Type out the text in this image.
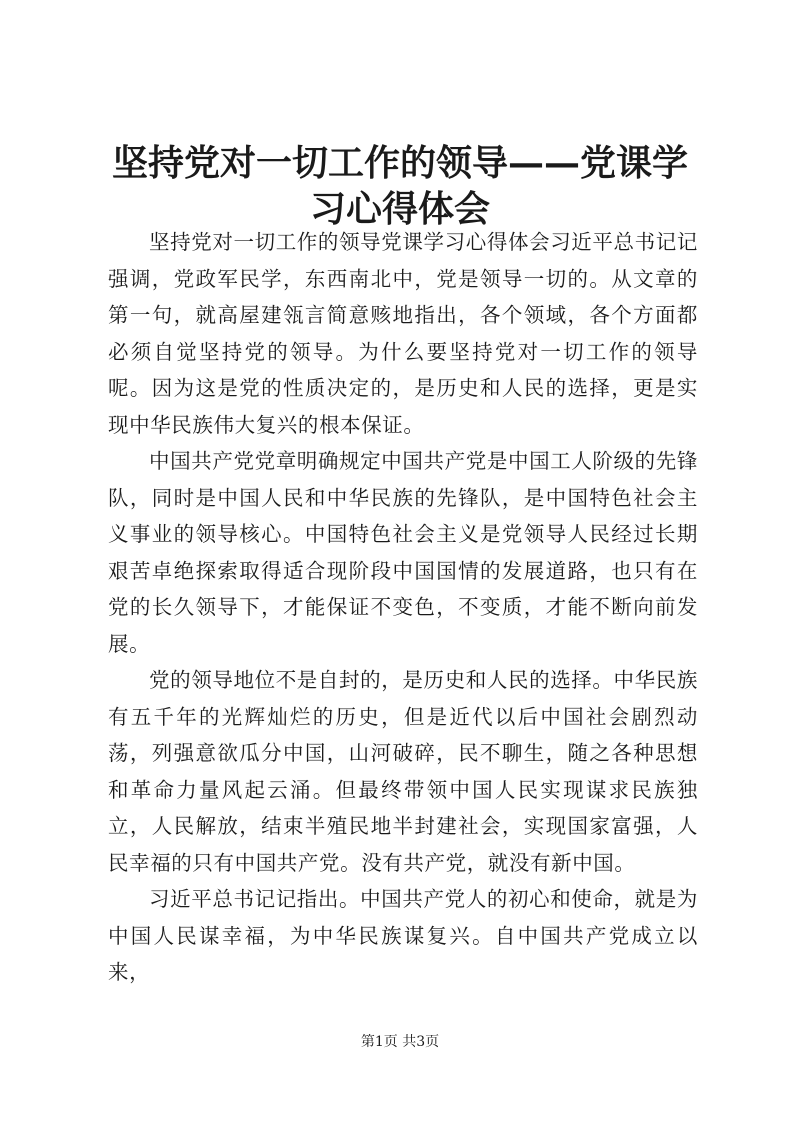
坚持党对一切工作的领导——党课学习心得体会

坚持党对一切工作的领导党课学习心得体会习近平总书记记强调，党政军民学，东西南北中，党是领导一切的。从文章的第一句，就高屋建瓴言简意赅地指出，各个领域，各个方面都必须自觉坚持党的领导。为什么要坚持党对一切工作的领导呢。因为这是党的性质决定的，是历史和人民的选择，更是实现中华民族伟大复兴的根本保证。

中国共产党党章明确规定中国共产党是中国工人阶级的先锋队，同时是中国人民和中华民族的先锋队，是中国特色社会主义事业的领导核心。中国特色社会主义是党领导人民经过长期艰苦卓绝探索取得适合现阶段中国国情的发展道路，也只有在党的长久领导下，才能保证不变色，不变质，才能不断向前发展。

党的领导地位不是自封的，是历史和人民的选择。中华民族有五千年的光辉灿烂的历史，但是近代以后中国社会剧烈动荡，列强意欲瓜分中国，山河破碎，民不聊生，随之各种思想和革命力量风起云涌。但最终带领中国人民实现谋求民族独立，人民解放，结束半殖民地半封建社会，实现国家富强，人民幸福的只有中国共产党。没有共产党，就没有新中国。

习近平总书记记指出。中国共产党人的初心和使命，就是为中国人民谋幸福，为中华民族谋复兴。自中国共产党成立以来，

第1页 共3页
